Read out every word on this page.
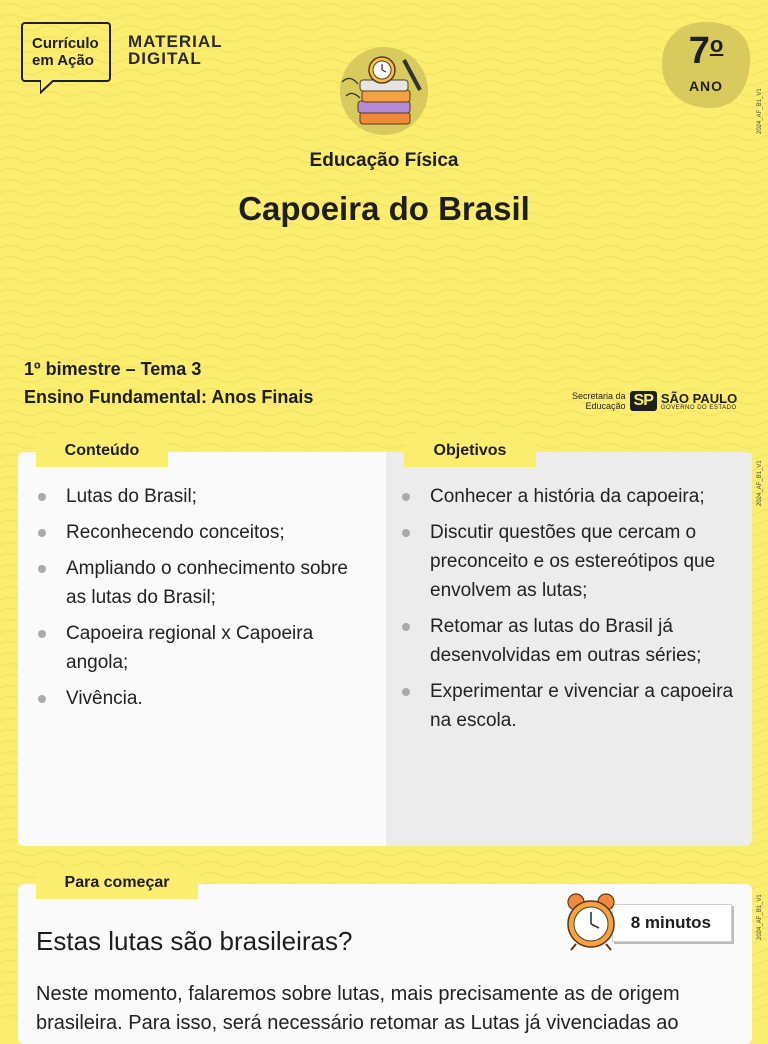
Currículo
em Ação
MATERIAL
DIGITAL	7$^o$
ANO
2024_AF_B1_V1
2024_AF_B1_V1
2024_AF_B1_V1
Educação Física
Capoeira do Brasil
1º bimestre – Tema 3
Ensino Fundamental: Anos Finais	Secretaria da
Educação SP SÃO PAULO
GOVERNO DO ESTADO
Conteúdo	Objetivos
Lutas do Brasil;
Reconhecendo conceitos;
Ampliando o conhecimento sobre as lutas do Brasil;
Capoeira regional x Capoeira angola;
Vivência.
Conhecer a história da capoeira;
Discutir questões que cercam o preconceito e os estereótipos que envolvem as lutas;
Retomar as lutas do Brasil já desenvolvidas em outras séries;
Experimentar e vivenciar a capoeira na escola.
Para começar
Estas lutas são brasileiras?
8 minutos
Neste momento, falaremos sobre lutas, mais precisamente as de origem brasileira. Para isso, será necessário retomar as Lutas já vivenciadas ao
